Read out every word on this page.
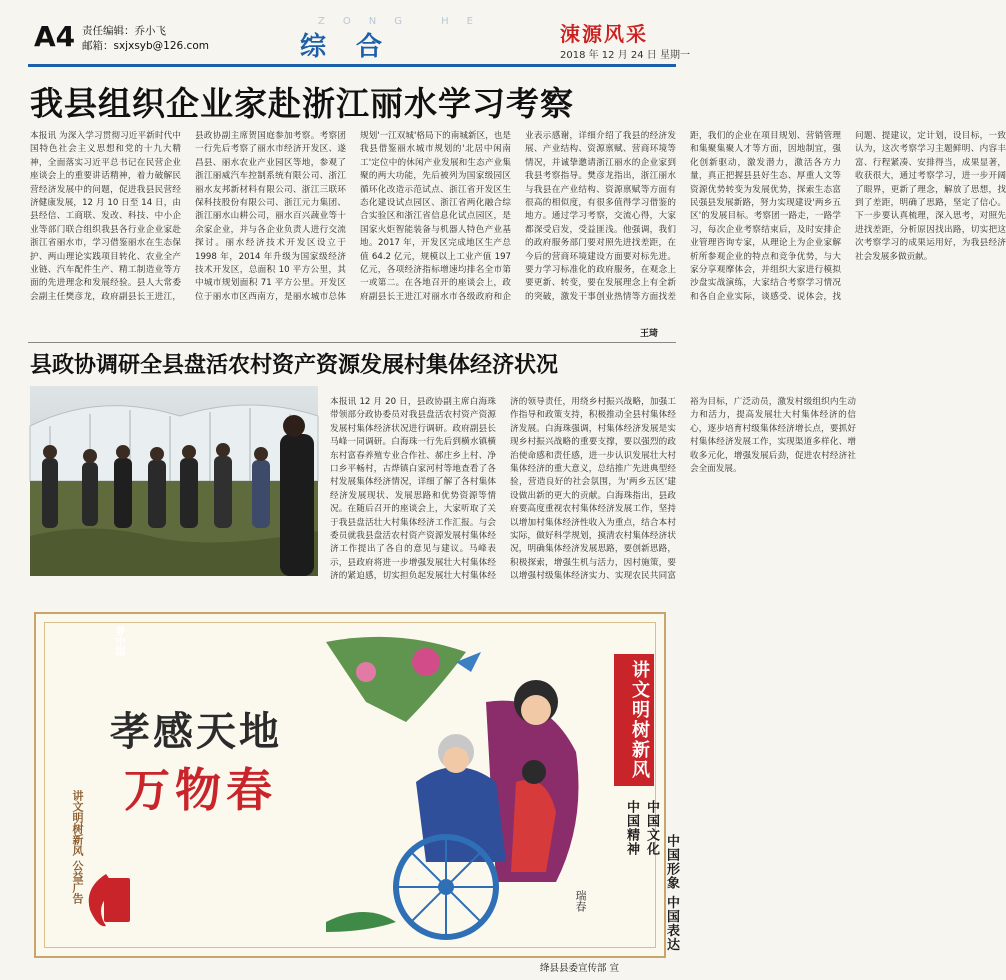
A4 责任编辑：乔小飞
邮箱：sxjxsyb@126.com
ZONG HE
综合	涑源风采
2018 年 12 月 24 日 星期一
我县组织企业家赴浙江丽水学习考察

本报讯 为深入学习贯彻习近平新时代中国特色社会主义思想和党的十九大精神，全面落实习近平总书记在民营企业座谈会上的重要讲话精神，着力破解民营经济发展中的问题，促进我县民营经济健康发展，12 月 10 日至 14 日，由县经信、工商联、发改、科技、中小企业等部门联合组织我县各行业企业家赴浙江省丽水市，学习借鉴丽水在生态保护、两山理论实践项目转化、农业全产业链、汽车配件生产、精工制造业等方面的先进理念和发展经验。县人大常委会副主任樊彦龙，政府副县长王进江，县政协副主席贺国庭参加考察。考察团一行先后考察了丽水市经济开发区、遂昌县、丽水农业产业园区等地，参观了浙江丽威汽车控制系统有限公司、浙江丽水友邦新材料有限公司、浙江三联环保科技股份有限公司、浙江元力集团、浙江丽水山耕公司，丽水百兴蔬业等十余家企业，并与各企业负责人进行交流探讨。丽水经济技术开发区设立于 1998 年，2014 年升级为国家级经济技术开发区，总面积 10 平方公里，其中城市规划面积 71 平方公里。开发区位于丽水市区西南方，是丽水城市总体规划'一江双城'格局下的南城新区，也是我县借鉴丽水城市规划的'北居中闲南工'定位中的休闲产业发展和生态产业集聚的两大功能，先后被列为国家级园区循环化改造示范试点、浙江省开发区生态化建设试点园区、浙江省两化融合综合实验区和浙江省信息化试点园区，是国家火炬智能装备与机器人特色产业基地。2017 年，开发区完成地区生产总值 64.2 亿元，规模以上工业产值 197 亿元，各项经济指标增速均排名全市第一或第二。在各地召开的座谈会上，政府副县长王进江对丽水市各级政府和企业表示感谢，详细介绍了我县的经济发展、产业结构、资源禀赋、营商环境等情况，并诚挚邀请浙江丽水的企业家到我县考察指导。樊彦龙指出，浙江丽水与我县在产业结构、资源禀赋等方面有很高的相似度，有很多值得学习借鉴的地方。通过学习考察，交流心得，大家都深受启发，受益匪浅。他强调，我们的政府服务部门要对照先进找差距，在今后的营商环境建设方面要对标先进。要力学习标准化的政府服务，在观念上要更新、转变，要在发展理念上有全新的突破，激发干事创业热情等方面找差距，我们的企业在项目规划、营销管理和集聚集聚人才等方面，因地制宜，强化创新驱动，激发潜力，激活各方力量，真正把握县县好生态、厚重人文等资源优势转变为发展优势，探索生态富民强县发展新路，努力实现建设'两乡五区'的发展目标。考察团一路走，一路学习，每次企业考察结束后，及时安排企业管理咨询专家，从理论上为企业家解析所参观企业的特点和竞争优势，与大家分享观摩体会，并组织大家进行模拟沙盘实战演练，大家结合考察学习情况和各自企业实际，谈感受、说体会，找问题、提建议，定计划，设目标，一致认为，这次考察学习主题鲜明、内容丰富、行程紧凑、安排得当，成果显著，收获很大，通过考察学习，进一步开阔了眼界，更新了理念，解放了思想，找到了差距，明确了思路，坚定了信心。下一步要认真梳理，深入思考，对照先进找差距，分析原因找出路，切实把这次考察学习的成果运用好，为我县经济社会发展多做贡献。

王琦
县政协调研全县盘活农村资产资源发展村集体经济状况

本报讯 12 月 20 日，县政协副主席白海珠带领部分政协委员对我县盘活农村资产资源发展村集体经济状况进行调研。政府副县长马峰一同调研。白海珠一行先后到横水镇横东村富春养殖专业合作社、郝庄乡上村、净口乡平畅村，古烨镇白家河村等地查看了各村发展集体经济情况，详细了解了各村集体经济发展现状、发展思路和优势资源等情况。在随后召开的座谈会上，大家听取了关于我县盘活壮大村集体经济工作汇报。与会委员就我县盘活农村资产资源发展村集体经济工作提出了各自的意见与建议。马峰表示，县政府将进一步增强发展壮大村集体经济的紧迫感，切实担负起发展壮大村集体经济的领导责任，用绕乡村振兴战略，加强工作指导和政策支持，积极推动全县村集体经济发展。白海珠强调，村集体经济发展是实现乡村振兴战略的重要支撑，要以强烈的政治使命感和责任感，进一步认识发展壮大村集体经济的重大意义，总结推广先进典型经验，营造良好的社会氛围，为'两乡五区'建设做出新的更大的贡献。白海珠指出，县政府要高度重视农村集体经济发展工作，坚持以增加村集体经济性收入为重点，结合本村实际，做好科学规划，摸清农村集体经济状况，明确集体经济发展思路，要创新思路，积极探索，增强生机与活力，因村施策，要以增强村级集体经济实力、实现农民共同富裕为目标，广泛动员，激发村级组织内生动力和活力，提高发展壮大村集体经济的信心，逐步培育村级集体经济增长点，要抓好村集体经济发展工作，实现渠道多样化、增收多元化，增强发展后劲，促进农村经济社会全面发展。

梦中国
孝感天地
万物春
讲文明树新风 公益广告
讲文明树新风
中国精神 中国文化
中国形象 中国表达
瑞春
绛县县委宣传部 宣
